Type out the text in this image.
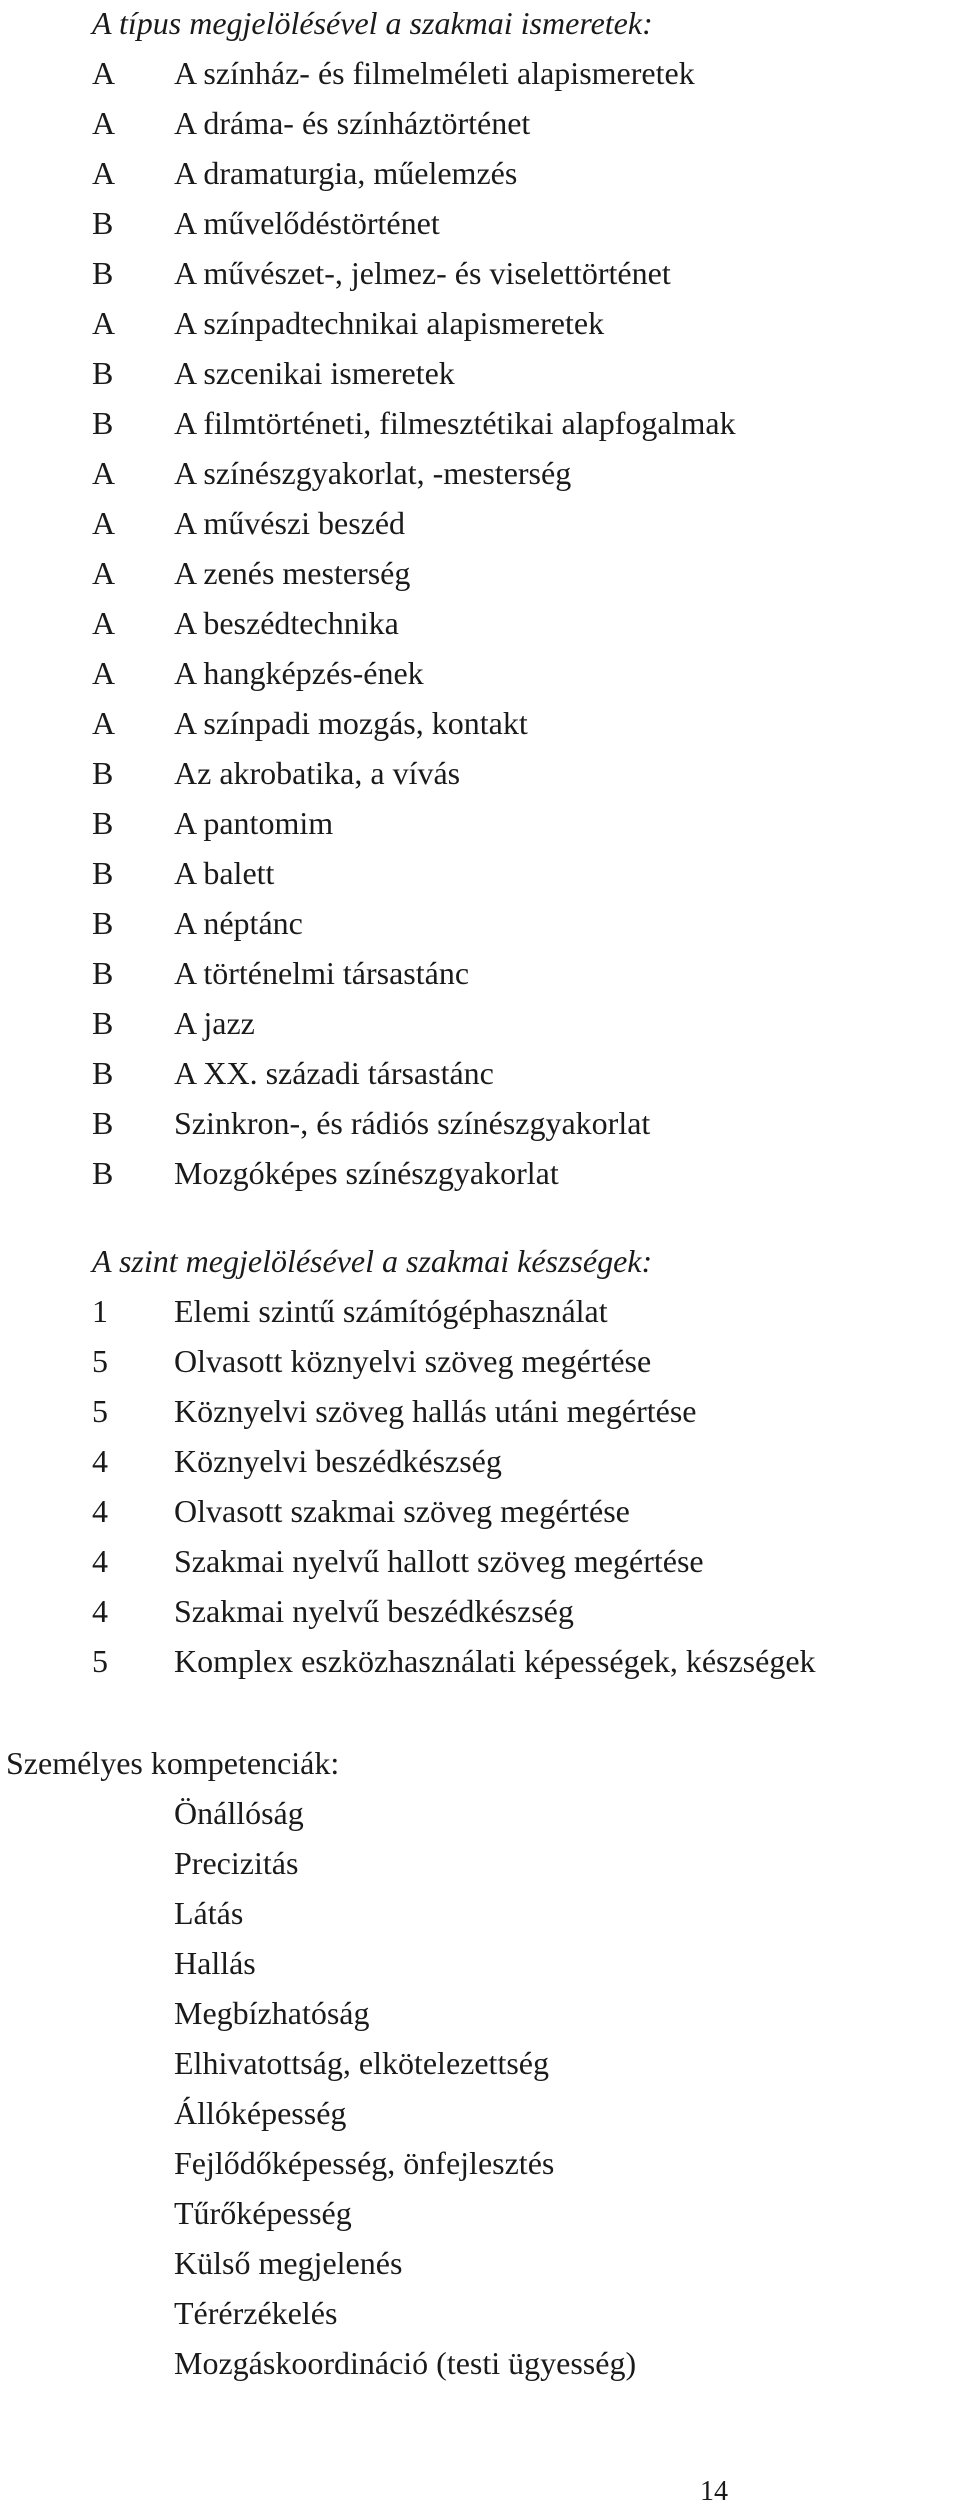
A típus megjelölésével a szakmai ismeretek:
A	A színház- és filmelméleti alapismeretek
A	A dráma- és színháztörténet
A	A dramaturgia, műelemzés
B	A művelődéstörténet
B	A művészet-, jelmez- és viselettörténet
A	A színpadtechnikai alapismeretek
B	A szcenikai ismeretek
B	A filmtörténeti, filmesztétikai alapfogalmak
A	A színészgyakorlat, -mesterség
A	A művészi beszéd
A	A zenés mesterség
A	A beszédtechnika
A	A hangképzés-ének
A	A színpadi mozgás, kontakt
B	Az akrobatika, a vívás
B	A pantomim
B	A balett
B	A néptánc
B	A történelmi társastánc
B	A jazz
B	A XX. századi társastánc
B	Szinkron-, és rádiós színészgyakorlat
B	Mozgóképes színészgyakorlat
A szint megjelölésével a szakmai készségek:
1	Elemi szintű számítógéphasználat
5	Olvasott köznyelvi szöveg megértése
5	Köznyelvi szöveg hallás utáni megértése
4	Köznyelvi beszédkészség
4	Olvasott szakmai szöveg megértése
4	Szakmai nyelvű hallott szöveg megértése
4	Szakmai nyelvű beszédkészség
5	Komplex eszközhasználati képességek, készségek
Személyes kompetenciák:
Önállóság
Precizitás
Látás
Hallás
Megbízhatóság
Elhivatottság, elkötelezettség
Állóképesség
Fejlődőképesség, önfejlesztés
Tűrőképesség
Külső megjelenés
Térérzékelés
Mozgáskoordináció (testi ügyesség)
14
